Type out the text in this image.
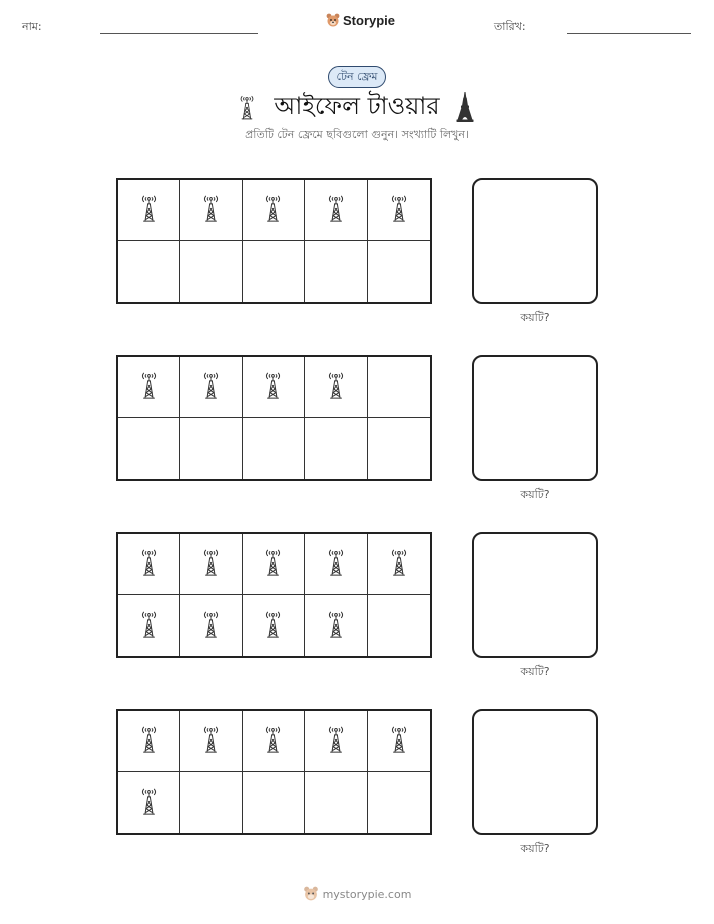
নাম:	Storypie	তারিখ:
টেন ফ্রেম
আইফেল টাওয়ার
প্রতিটি টেন ফ্রেমে ছবিগুলো গুনুন। সংখ্যাটি লিখুন।
কয়টি?
কয়টি?
কয়টি?
কয়টি?
mystorypie.com
